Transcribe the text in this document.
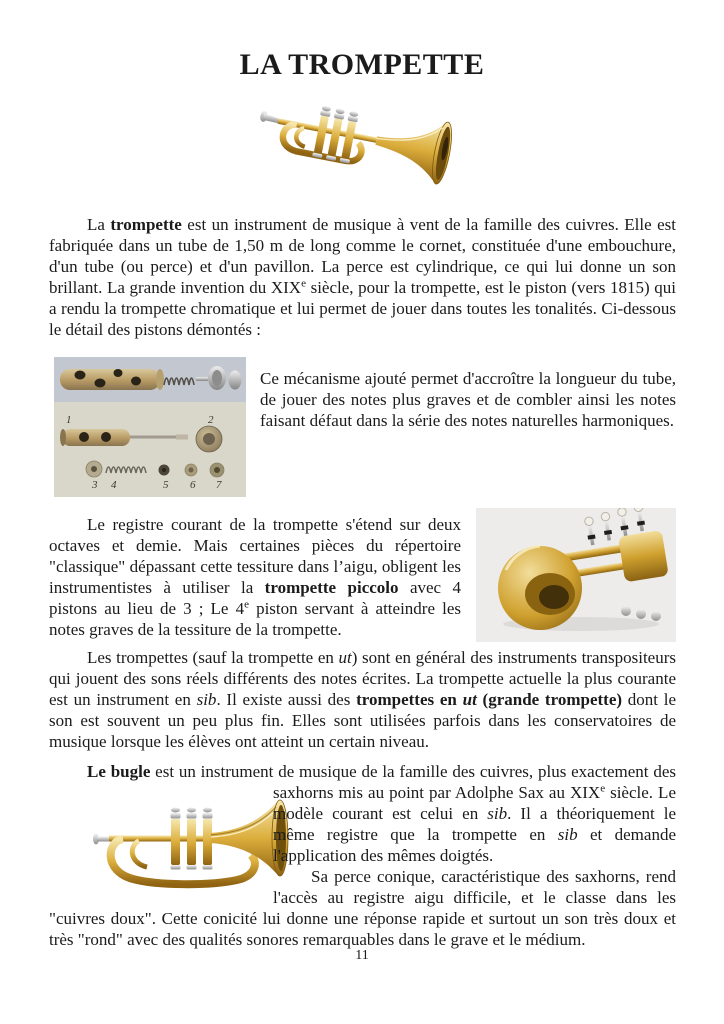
LA TROMPETTE

La trompette est un instrument de musique à vent de la famille des cuivres. Elle est fabriquée dans un tube de 1,50 m de long comme le cornet, constituée d'une embouchure, d'un tube (ou perce) et d'un pavillon. La perce est cylindrique, ce qui lui donne un son brillant. La grande invention du XIXe siècle, pour la trompette, est le piston (vers 1815) qui a rendu la trompette chromatique et lui permet de jouer dans toutes les tonalités. Ci-dessous le détail des pistons démontés :

1	2
3 4	5 6 7

Ce mécanisme ajouté permet d'accroître la longueur du tube, de jouer des notes plus graves et de combler ainsi les notes faisant défaut dans la série des notes naturelles harmoniques.

Le registre courant de la trompette s'étend sur deux octaves et demie. Mais certaines pièces du répertoire "classique" dépassant cette tessiture dans l’aigu, obligent les instrumentistes à utiliser la trompette piccolo avec 4 pistons au lieu de 3 ; Le 4e piston servant à atteindre les notes graves de la tessiture de la trompette.

Les trompettes (sauf la trompette en ut) sont en général des instruments transpositeurs qui jouent des sons réels différents des notes écrites. La trompette actuelle la plus courante est un instrument en sib. Il existe aussi des trompettes en ut (grande trompette) dont le son est souvent un peu plus fin. Elles sont utilisées parfois dans les conservatoires de musique lorsque les élèves ont atteint un certain niveau.

Le bugle est un instrument de musique de la famille des cuivres, plus exactement
des saxhorns mis au point par Adolphe Sax au XIXe siècle. Le modèle courant est celui en sib. Il a théoriquement le même registre que la trompette en sib et demande l'application des mêmes doigtés.

Sa perce conique, caractéristique des saxhorns, rend l'accès au registre aigu difficile, et le classe dans les "cuivres doux". Cette conicité lui donne une réponse rapide et surtout un son très doux et très "rond" avec des qualités sonores remarquables dans le grave et le médium.

11
